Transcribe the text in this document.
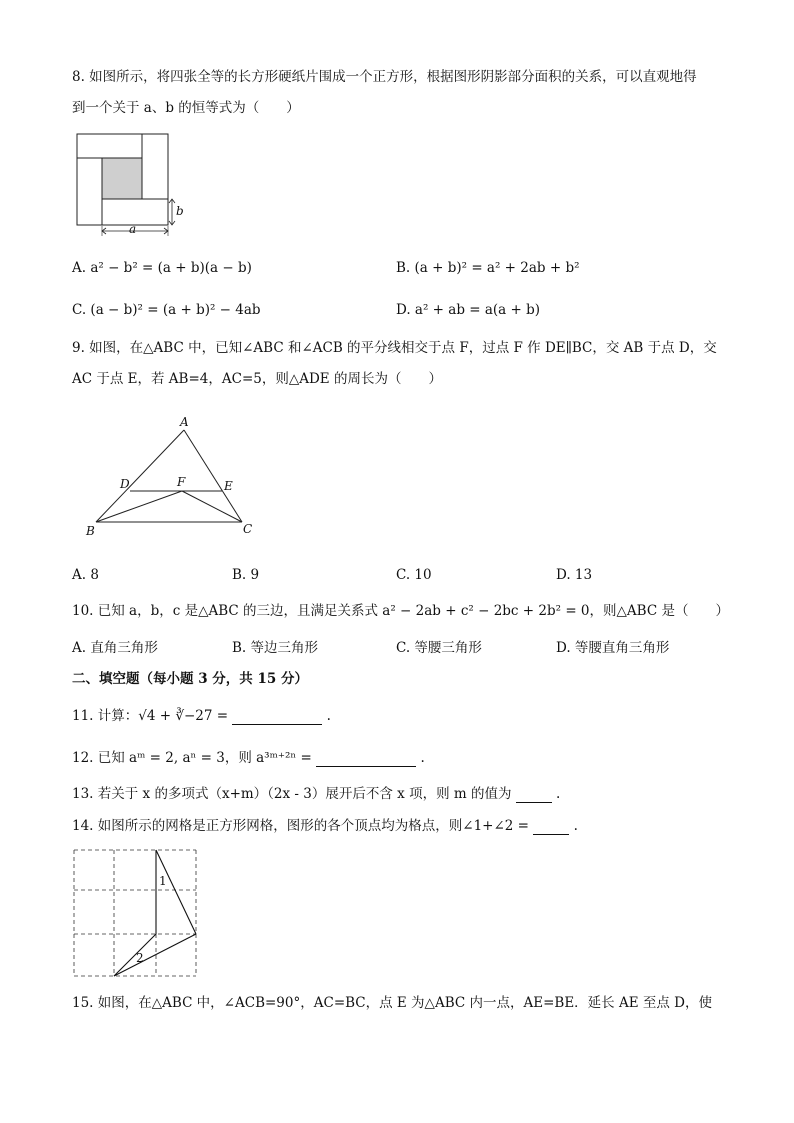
8. 如图所示，将四张全等的长方形硬纸片围成一个正方形，根据图形阴影部分面积的关系，可以直观地得
到一个关于 a、b 的恒等式为（　　）
b
a
A. a² − b² = (a + b)(a − b)	B. (a + b)² = a² + 2ab + b²
C. (a − b)² = (a + b)² − 4ab	D. a² + ab = a(a + b)
9. 如图，在△ABC 中，已知∠ABC 和∠ACB 的平分线相交于点 F，过点 F 作 DE∥BC，交 AB 于点 D，交
AC 于点 E，若 AB=4，AC=5，则△ADE 的周长为（　　）
A
B	C
D	E
F
A. 8	B. 9	C. 10	D. 13
10. 已知 a，b，c 是△ABC 的三边，且满足关系式 a² − 2ab + c² − 2bc + 2b² = 0，则△ABC 是（　　）
A. 直角三角形	B. 等边三角形	C. 等腰三角形	D. 等腰直角三角形
二、填空题（每小题 3 分，共 15 分）
11. 计算：√4 + ∛−27 =	.
12. 已知 aᵐ = 2, aⁿ = 3，则 a³ᵐ⁺²ⁿ =	.
13. 若关于 x 的多项式（x+m）（2x - 3）展开后不含 x 项，则 m 的值为	.
14. 如图所示的网格是正方形网格，图形的各个顶点均为格点，则∠1+∠2 =	.
1
2
15. 如图，在△ABC 中，∠ACB=90°，AC=BC，点 E 为△ABC 内一点，AE=BE．延长 AE 至点 D，使
